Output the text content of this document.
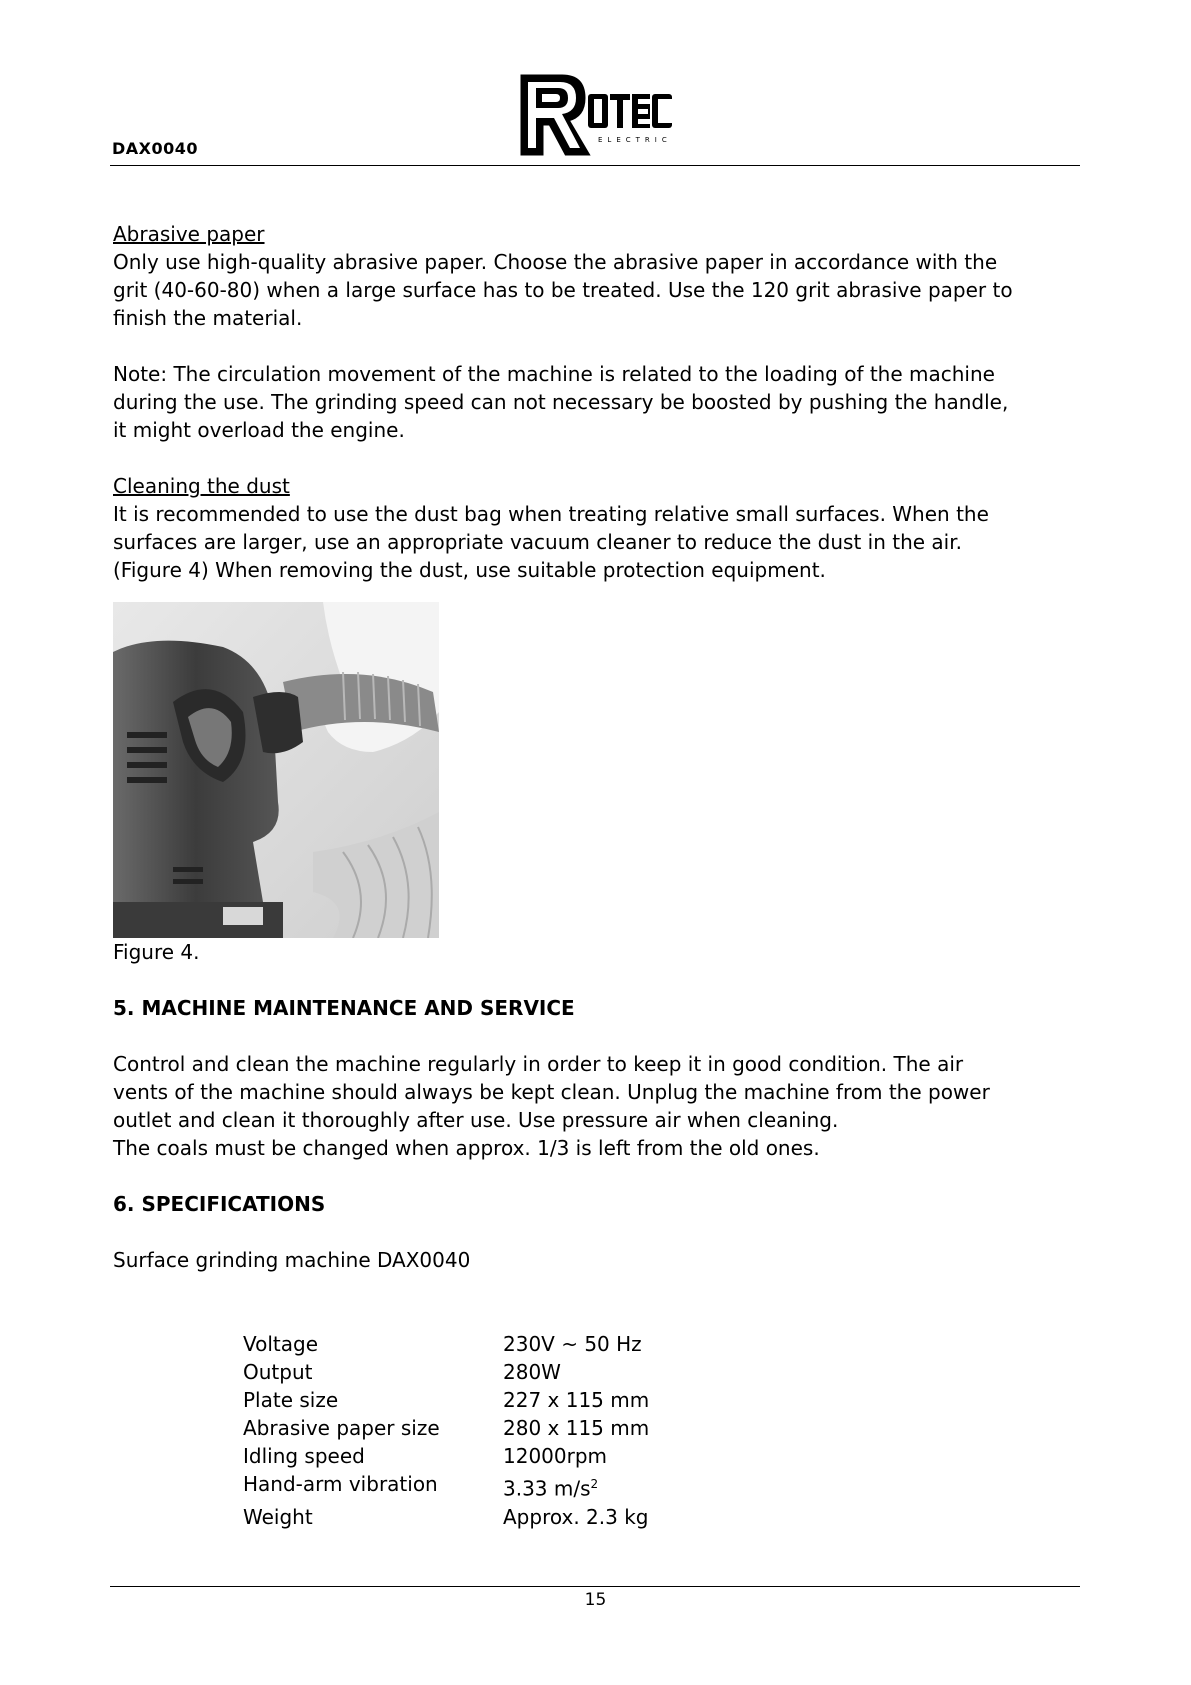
DAX0040	ELECTRIC

Abrasive paper

Only use high-quality abrasive paper. Choose the abrasive paper in accordance with the

grit (40-60-80) when a large surface has to be treated. Use the 120 grit abrasive paper to

finish the material.

Note: The circulation movement of the machine is related to the loading of the machine

during the use. The grinding speed can not necessary be boosted by pushing the handle,

it might overload the engine.

Cleaning the dust

It is recommended to use the dust bag when treating relative small surfaces. When the

surfaces are larger, use an appropriate vacuum cleaner to reduce the dust in the air.

(Figure 4) When removing the dust, use suitable protection equipment.

Figure 4.

5. MACHINE MAINTENANCE AND SERVICE

Control and clean the machine regularly in order to keep it in good condition. The air

vents of the machine should always be kept clean. Unplug the machine from the power

outlet and clean it thoroughly after use. Use pressure air when cleaning.

The coals must be changed when approx. 1/3 is left from the old ones.

6. SPECIFICATIONS

Surface grinding machine DAX0040

Voltage	230V ~ 50 Hz
Output	280W
Plate size	227 x 115 mm
Abrasive paper size	280 x 115 mm
Idling speed	12000rpm
Hand-arm vibration	3.33 $m/s^2$
Weight	Approx. 2.3 kg
15
